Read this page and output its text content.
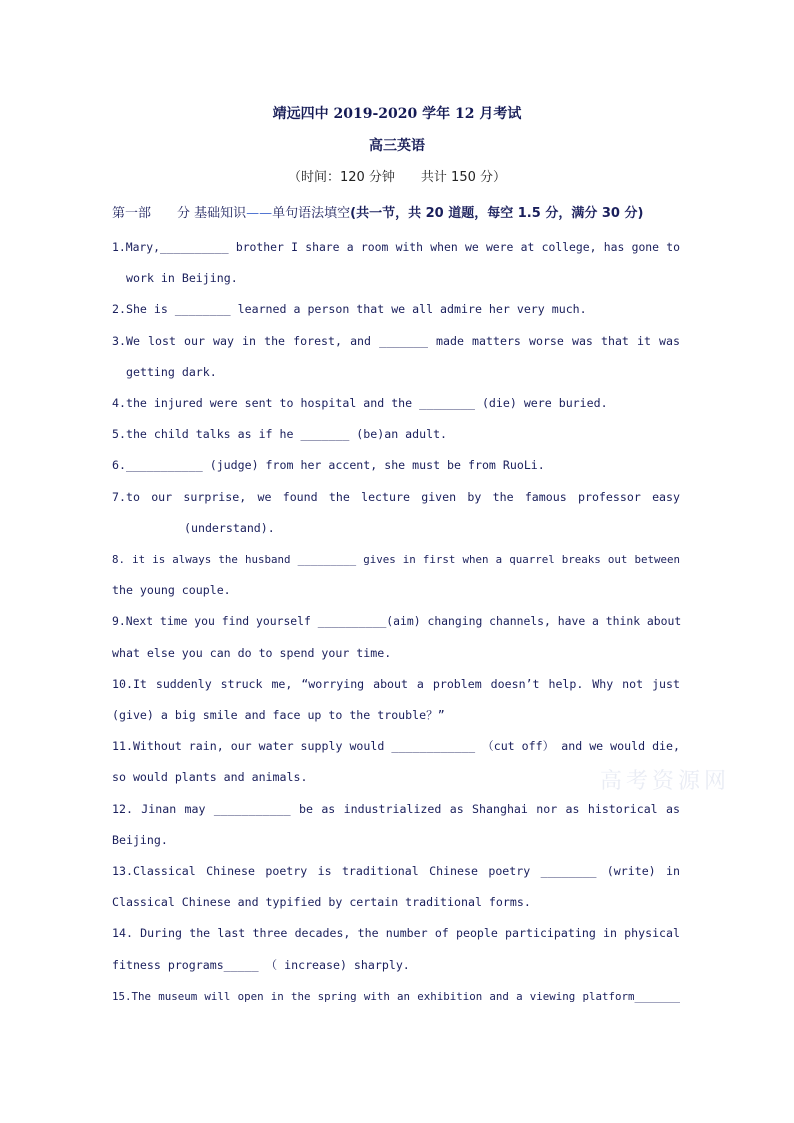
靖远四中 2019-2020 学年 12 月考试
高三英语
（时间：120 分钟　　共计 150 分）
第一部　　分 基础知识——单句语法填空(共一节，共 20 道题，每空 1.5 分，满分 30 分)
1.Mary,__________ brother I share a room with when we were at college, has gone to
work in Beijing.
2.She is ________ learned a person that we all admire her very much.
3.We lost our way in the forest, and _______ made matters worse was that it was
getting dark.
4.the injured were sent to hospital and the ________ (die) were buried.
5.the child talks as if he _______ (be)an adult.
6.___________ (judge) from her accent, she must be from RuoLi.
7.to our surprise, we found the lecture given by the famous professor easy
(understand).
8. it is always the husband _________ gives in first when a quarrel breaks out between
the young couple.
9.Next time you find yourself __________(aim) changing channels, have a think about
what else you can do to spend your time.
10.It suddenly struck me, “worrying about a problem doesn’t help. Why not just
(give) a big smile and face up to the trouble？”
11.Without rain, our water supply would ____________ （cut off） and we would die,
so would plants and animals.
12. Jinan may ___________ be as industrialized as Shanghai nor as historical as
Beijing.
13.Classical Chinese poetry is traditional Chinese poetry ________ (write) in
Classical Chinese and typified by certain traditional forms.
14. During the last three decades, the number of people participating in physical
fitness programs_____ （ increase) sharply.
15.The museum will open in the spring with an exhibition and a viewing platform_______
高考资源网
